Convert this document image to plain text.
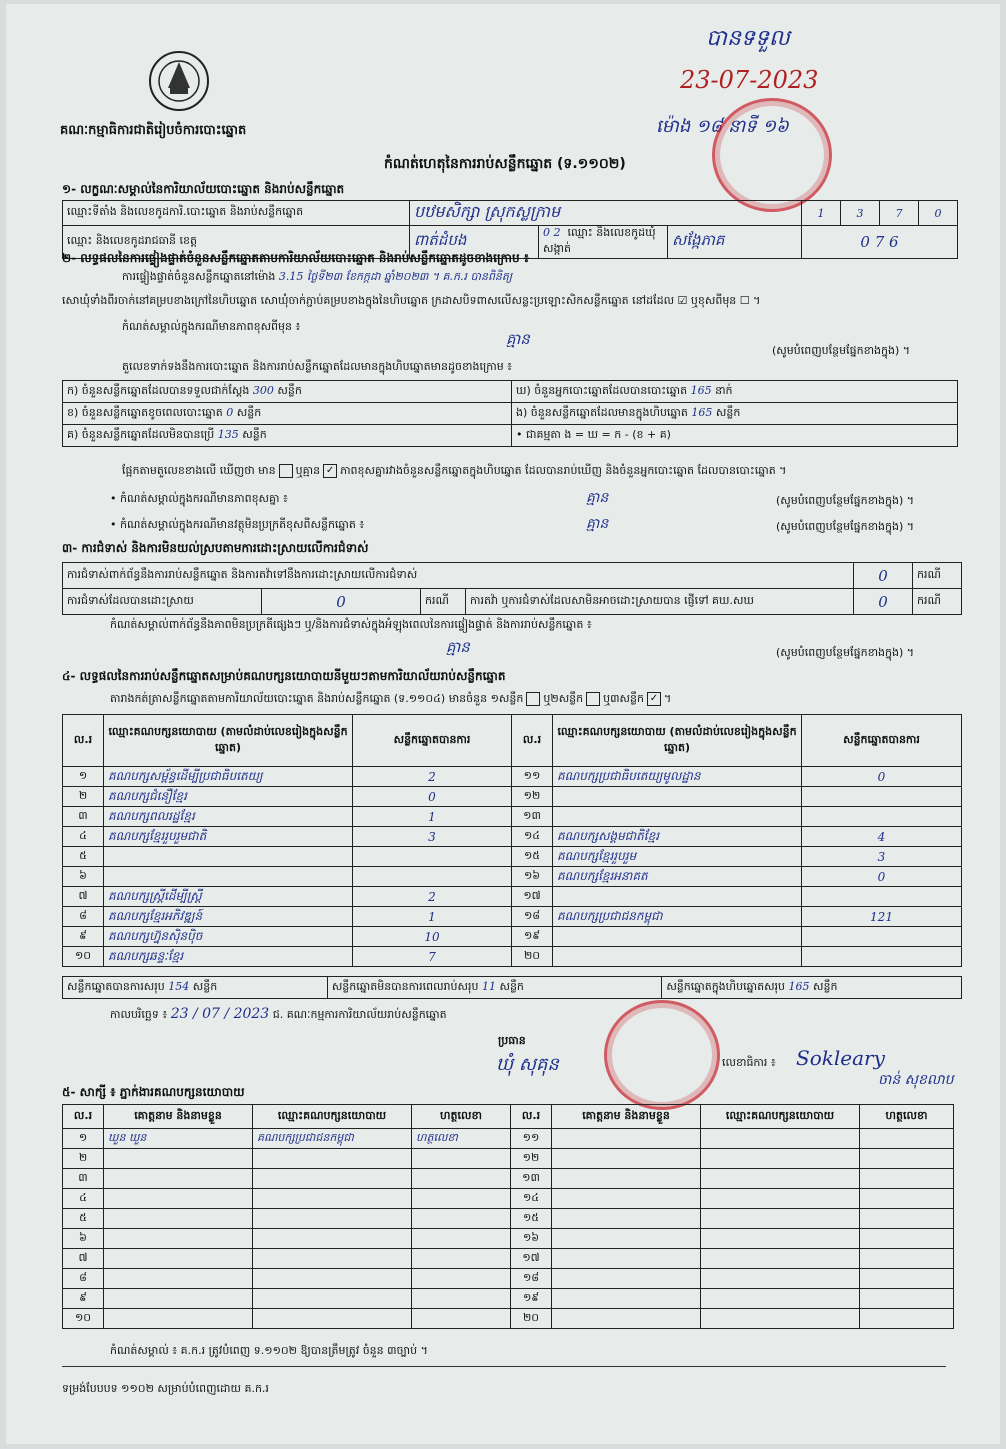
គណៈកម្មាធិការជាតិរៀបចំការបោះឆ្នោត
បានទទួល
23-07-2023
ម៉ោង ១៨ នាទី ១៦
កំណត់ហេតុនៃការរាប់សន្លឹកឆ្នោត (ទ.១១០២)
១- លក្ខណៈសម្គាល់នៃការិយាល័យបោះឆ្នោត និងរាប់សន្លឹកឆ្នោត
ឈ្មោះទីតាំង និងលេខកូដការិ.បោះឆ្នោត និងរាប់សន្លឹកឆ្នោត	បឋមសិក្សា ស្រុកស្លក្រាម			1	3	7	0
ឈ្មោះ និងលេខកូដរាជធានី ខេត្ត	ពាត់ដំបង	0 2 ឈ្មោះ និងលេខកូដឃុំ សង្កាត់	សង្កែភាគ	0 7 6			
២- លទ្ធផលនៃការផ្ទៀងផ្ទាត់ចំនួនសន្លឹកឆ្នោតតាមការិយាល័យបោះឆ្នោត និងរាប់សន្លឹកឆ្នោតដូចខាងក្រោម ៖
ការផ្ទៀងផ្ទាត់ចំនួនសន្លឹកឆ្នោតនៅម៉ោង 3.15 ថ្ងៃទី២៣ ខែកក្កដា ឆ្នាំ២០២៣ ។ គ.ក.រ បានពិនិត្យ
សោឃុំទាំងពីរចាក់នៅគម្របខាងក្រៅនៃហិបឆ្នោត សោឃុំចាក់ភ្ជាប់គម្របខាងក្នុងនៃហិបឆ្នោត ក្រដាសបិទពាសលើសន្លះប្រឡោះសិកសន្លឹកឆ្នោត នៅដដែល ☑ ឬខុសពីមុន ☐ ។
កំណត់សម្គាល់ក្នុងករណីមានភាពខុសពីមុន ៖
គ្មាន
(សូមបំពេញបន្ថែមផ្នែកខាងក្នុង) ។
តួលេខទាក់ទងនឹងការបោះឆ្នោត និងការរាប់សន្លឹកឆ្នោតដែលមានក្នុងហិបឆ្នោតមានដូចខាងក្រោម ៖
ក) ចំនួនសន្លឹកឆ្នោតដែលបានទទួលជាក់ស្តែង 300 សន្លឹក	ឃ) ចំនួនអ្នកបោះឆ្នោតដែលបានបោះឆ្នោត 165 នាក់
ខ) ចំនួនសន្លឹកឆ្នោតខូចពេលបោះឆ្នោត 0 សន្លឹក	ង) ចំនួនសន្លឹកឆ្នោតដែលមានក្នុងហិបឆ្នោត 165 សន្លឹក
គ) ចំនួនសន្លឹកឆ្នោតដែលមិនបានប្រើ 135 សន្លឹក	• ជាគម្មតា ង = ឃ = ក - (ខ + គ)
ផ្អែកតាមតួលេខខាងលើ ឃើញថា មាន ឬគ្មាន ✓ ភាពខុសគ្នារវាងចំនួនសន្លឹកឆ្នោតក្នុងហិបឆ្នោត ដែលបានរាប់ឃើញ និងចំនួនអ្នកបោះឆ្នោត ដែលបានបោះឆ្នោត ។
• កំណត់សម្គាល់ក្នុងករណីមានភាពខុសគ្នា ៖	គ្មាន	(សូមបំពេញបន្ថែមផ្នែកខាងក្នុង) ។
• កំណត់សម្គាល់ក្នុងករណីមានវត្ថុមិនប្រក្រតីខុសពីសន្លឹកឆ្នោត ៖	គ្មាន	(សូមបំពេញបន្ថែមផ្នែកខាងក្នុង) ។
៣- ការជំទាស់ និងការមិនយល់ស្របតាមការដោះស្រាយលើការជំទាស់
ការជំទាស់ពាក់ព័ន្ធនឹងការរាប់សន្លឹកឆ្នោត និងការតវ៉ាទៅនឹងការដោះស្រាយលើការជំទាស់				0	ករណី
ការជំទាស់ដែលបានដោះស្រាយ	0	ករណី	ការតវ៉ា ឬការជំទាស់ដែលសាមិនអាចដោះស្រាយបាន ផ្ញើទៅ គឃ.សឃ	0	ករណី
កំណត់សម្គាល់ពាក់ព័ន្ធនឹងភាពមិនប្រក្រតីផ្សេងៗ ឬ/និងការជំទាស់ក្នុងអំឡុងពេលនៃការផ្ទៀងផ្ទាត់ និងការរាប់សន្លឹកឆ្នោត ៖
គ្មាន	(សូមបំពេញបន្ថែមផ្នែកខាងក្នុង) ។
៤- លទ្ធផលនៃការរាប់សន្លឹកឆ្នោតសម្រាប់គណបក្សនយោបាយនីមួយៗតាមការិយាល័យរាប់សន្លឹកឆ្នោត
តារាងកត់ត្រាសន្លឹកឆ្នោតតាមការិយាល័យបោះឆ្នោត និងរាប់សន្លឹកឆ្នោត (ទ.១១០៤) មានចំនួន ១សន្លឹក ឬ២សន្លឹក ឬ៣សន្លឹក ✓ ។
ល.រ	ឈ្មោះគណបក្សនយោបាយ (តាមលំដាប់លេខរៀងក្នុងសន្លឹកឆ្នោត)	សន្លឹកឆ្នោតបានការ	ល.រ	ឈ្មោះគណបក្សនយោបាយ (តាមលំដាប់លេខរៀងក្នុងសន្លឹកឆ្នោត)	សន្លឹកឆ្នោតបានការ
១	គណបក្សសម្ព័ន្ធដើម្បីប្រជាធិបតេយ្យ	2	១១	គណបក្សប្រជាធិបតេយ្យមូលដ្ឋាន	0
២	គណបក្សជំនឿខ្មែរ	0	១២		
៣	គណបក្សពលរដ្ឋខ្មែរ	1	១៣		
៤	គណបក្សខ្មែររួបរួមជាតិ	3	១៤	គណបក្សសង្គមជាតិខ្មែរ	4
៥			១៥	គណបក្សខ្មែររួបរួម	3
៦			១៦	គណបក្សខ្មែរអនាគត	0
៧	គណបក្សស្រ្តីដើម្បីស្រ្តី	2	១៧		
៨	គណបក្សខ្មែរអភិវឌ្ឍន៍	1	១៨	គណបក្សប្រជាជនកម្ពុជា	121
៩	គណបក្សហ្វ៊ុនស៊ិនប៉ិច	10	១៩		
១០	គណបក្សឆន្ទៈខ្មែរ	7	២០		
សន្លឹកឆ្នោតបានការសរុប 154 សន្លឹក	សន្លឹកឆ្នោតមិនបានការពេលរាប់សរុប 11 សន្លឹក	សន្លឹកឆ្នោតក្នុងហិបឆ្នោតសរុប 165 សន្លឹក
កាលបរិច្ឆេទ ៖ 23 / 07 / 2023 ជ. គណៈកម្មការការិយាល័យរាប់សន្លឹកឆ្នោត
ប្រធាន
ឃុំ សុគុន	លេខាធិការ ៖ Sokleary
ចាន់ សុខលាប
៥- សាក្សី ៖ ភ្នាក់ងារគណបក្សនយោបាយ
ល.រ	គោត្តនាម និងនាមខ្លួន	ឈ្មោះគណបក្សនយោបាយ	ហត្ថលេខា	ល.រ	គោត្តនាម និងនាមខ្លួន	ឈ្មោះគណបក្សនយោបាយ	ហត្ថលេខា
១	ឃួន ឃួន	គណបក្សប្រជាជនកម្ពុជា	ហត្ថលេខា	១១			
២				១២			
៣				១៣			
៤				១៤			
៥				១៥			
៦				១៦			
៧				១៧			
៨				១៨			
៩				១៩			
១០				២០			
កំណត់សម្គាល់ ៖ គ.ក.រ ត្រូវបំពេញ ទ.១១០២ ឱ្យបានត្រឹមត្រូវ ចំនួន ៣ច្បាប់ ។
ទម្រង់បែបបទ ១១០២ សម្រាប់បំពេញដោយ គ.ក.រ
